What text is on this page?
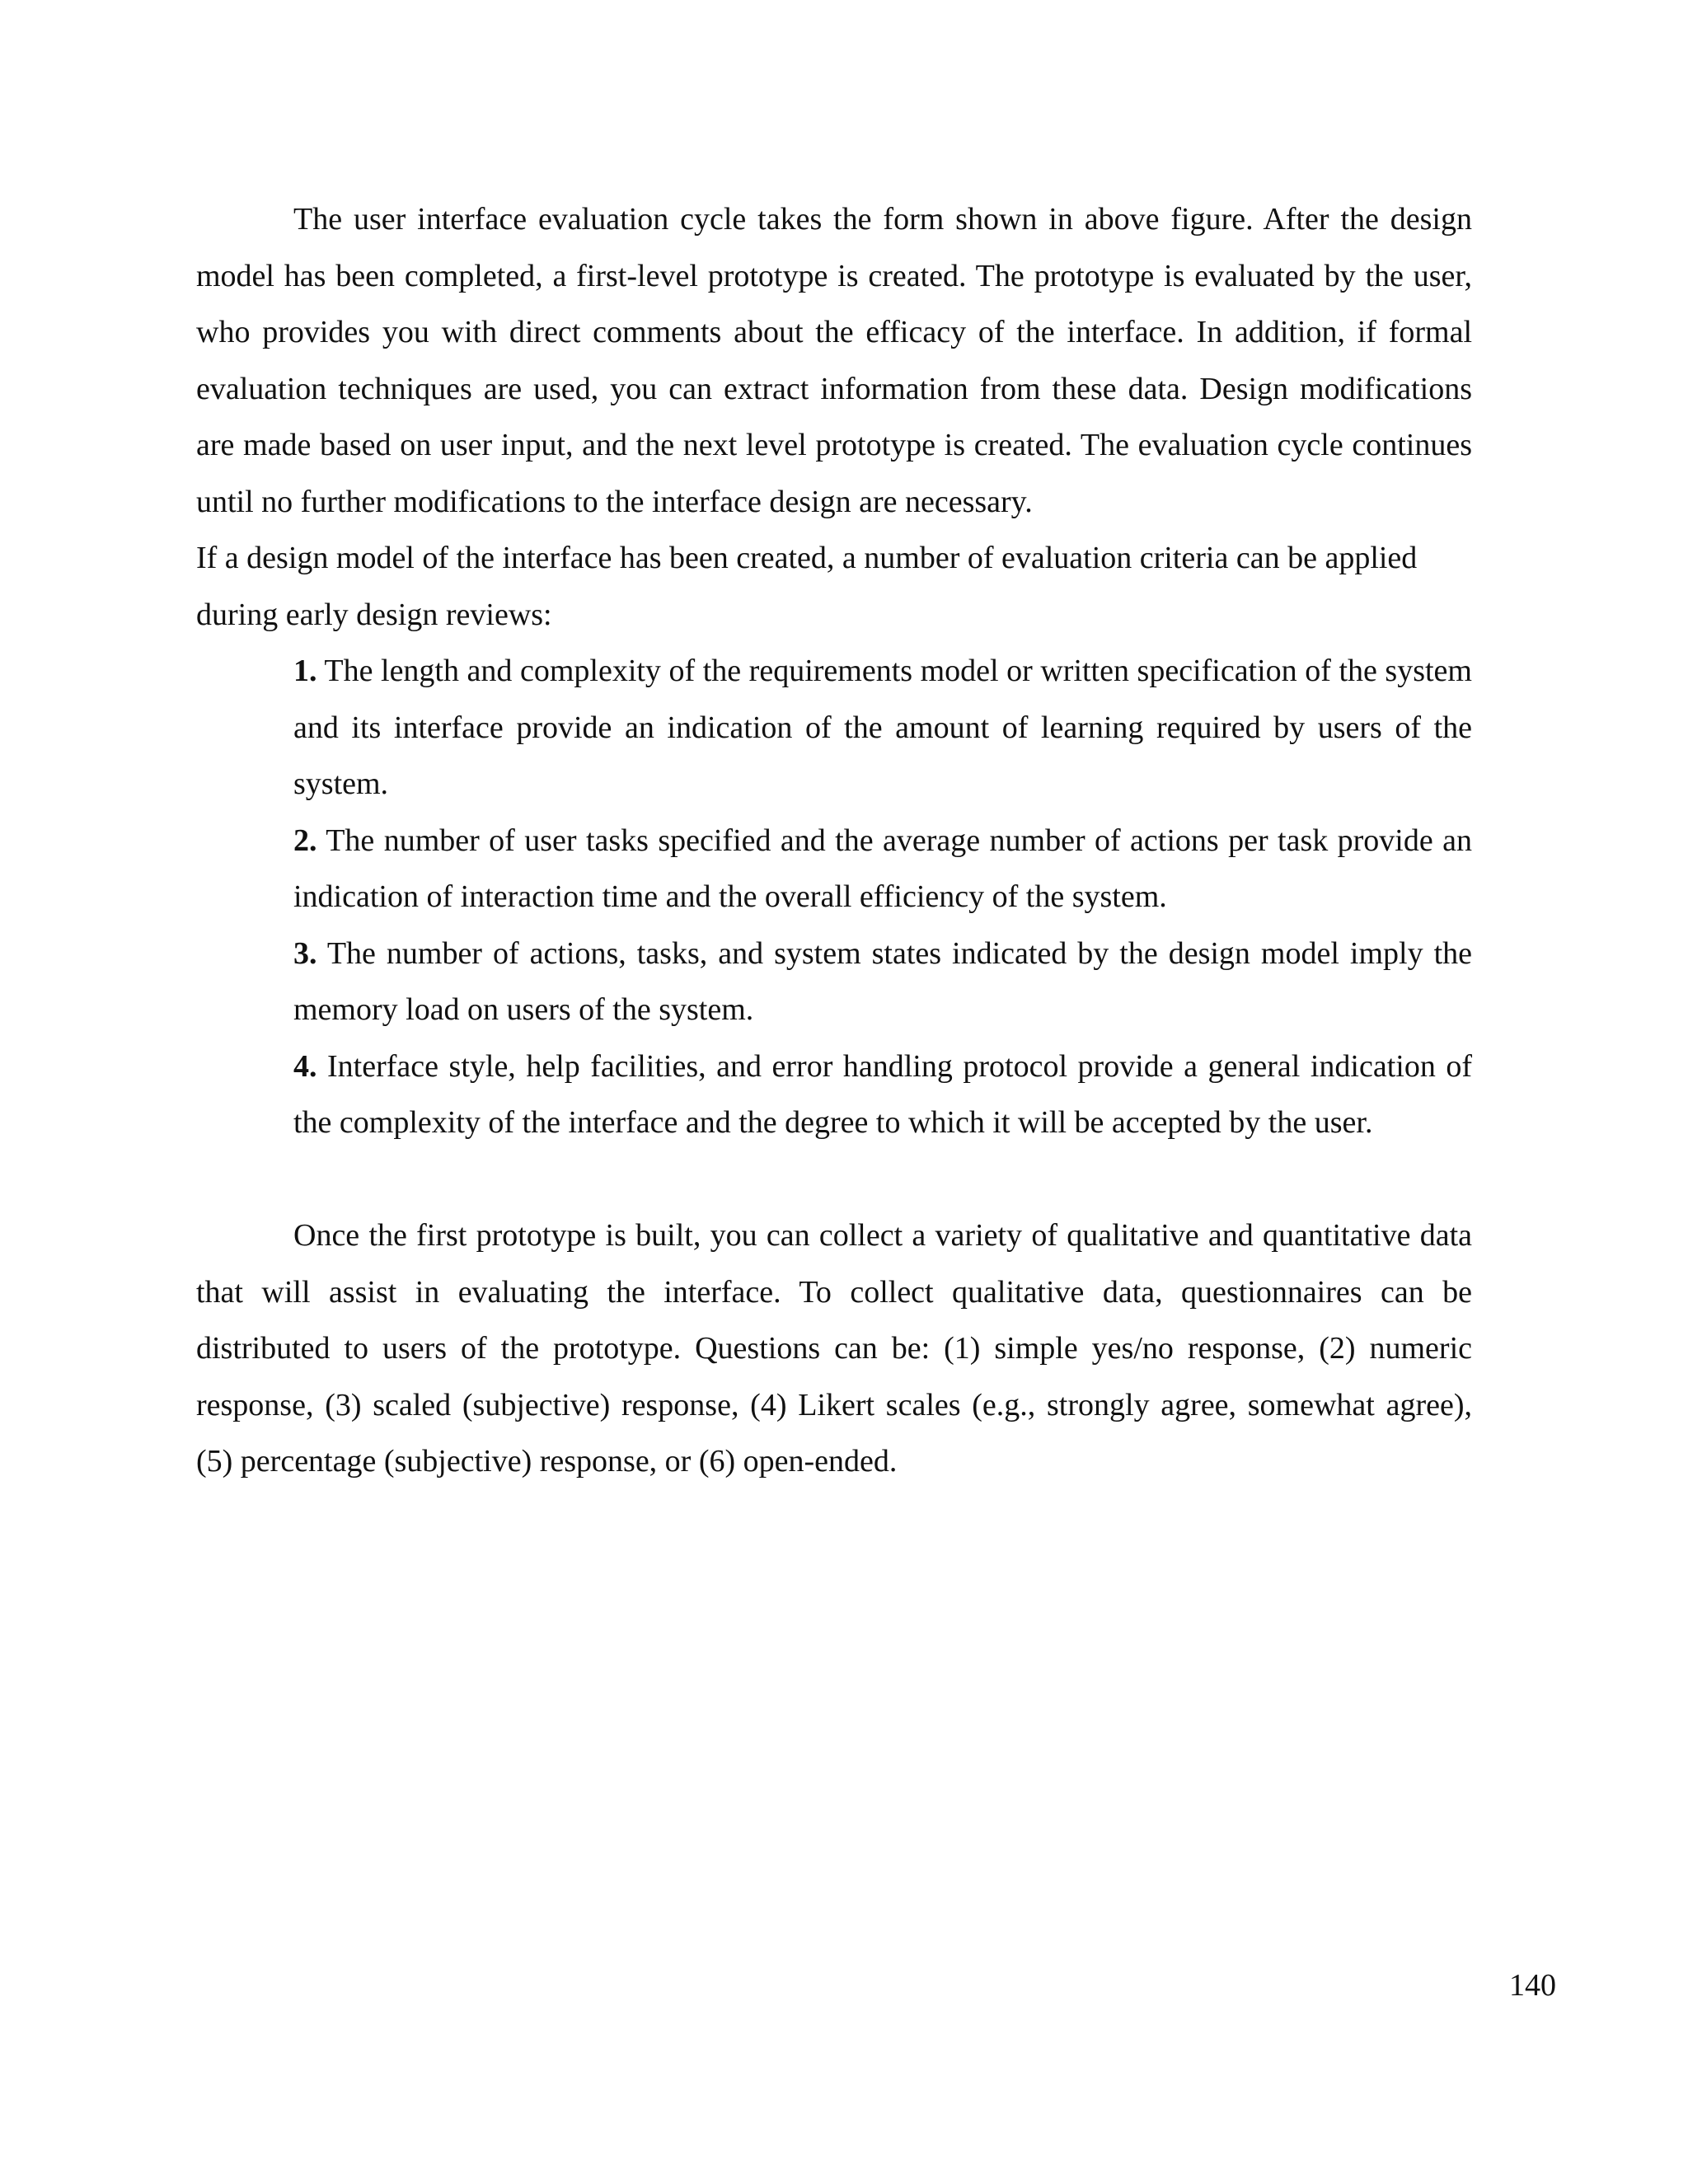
The user interface evaluation cycle takes the form shown in above figure. After the design model has been completed, a first-level prototype is created. The prototype is evaluated by the user, who provides you with direct comments about the efficacy of the interface. In addition, if formal evaluation techniques are used, you can extract information from these data. Design modifications are made based on user input, and the next level prototype is created. The evaluation cycle continues until no further modifications to the interface design are necessary.

If a design model of the interface has been created, a number of evaluation criteria can be applied during early design reviews:

1. The length and complexity of the requirements model or written specification of the system and its interface provide an indication of the amount of learning required by users of the system.
2. The number of user tasks specified and the average number of actions per task provide an indication of interaction time and the overall efficiency of the system.
3. The number of actions, tasks, and system states indicated by the design model imply the memory load on users of the system.
4. Interface style, help facilities, and error handling protocol provide a general indication of the complexity of the interface and the degree to which it will be accepted by the user.

Once the first prototype is built, you can collect a variety of qualitative and quantitative data that will assist in evaluating the interface. To collect qualitative data, questionnaires can be distributed to users of the prototype. Questions can be: (1) simple yes/no response, (2) numeric response, (3) scaled (subjective) response, (4) Likert scales (e.g., strongly agree, somewhat agree), (5) percentage (subjective) response, or (6) open-ended.

140
